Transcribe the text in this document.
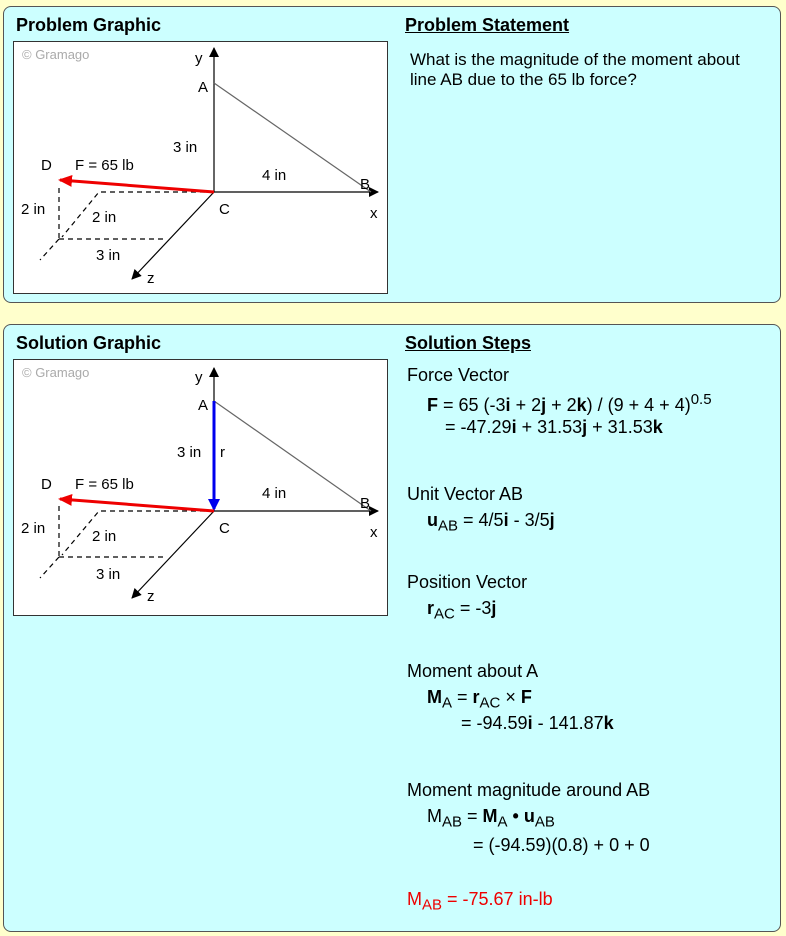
Problem Graphic	Problem Statement
© Gramago	y
A
3 in
4 in
B
x
C
D F = 65 lb
2 in	2 in
3 in
z
What is the magnitude of the moment about line AB due to the 65 lb force?
Solution Graphic	Solution Steps
© Gramago	y
A
3 in r
4 in
B
x
C
D F = 65 lb
2 in	2 in
3 in
z
Force Vector
F = 65 $(-3i + 2j + 2k) / (9 + 4 + 4)^{0.5}$
= -47.29i + 31.53j + 31.53k
Unit Vector AB
$u_{AB} = 4/5i - 3/5j$
Position Vector
$r_{AC} = -3j$
Moment about A
$M_A = r_{AC} \times F$
= -94.59i - 141.87k
Moment magnitude around AB
$M_{AB} = M_A$ • $u_{AB}$
= (-94.59)(0.8) + 0 + 0
$M_{AB} = -75.67$ in-lb
